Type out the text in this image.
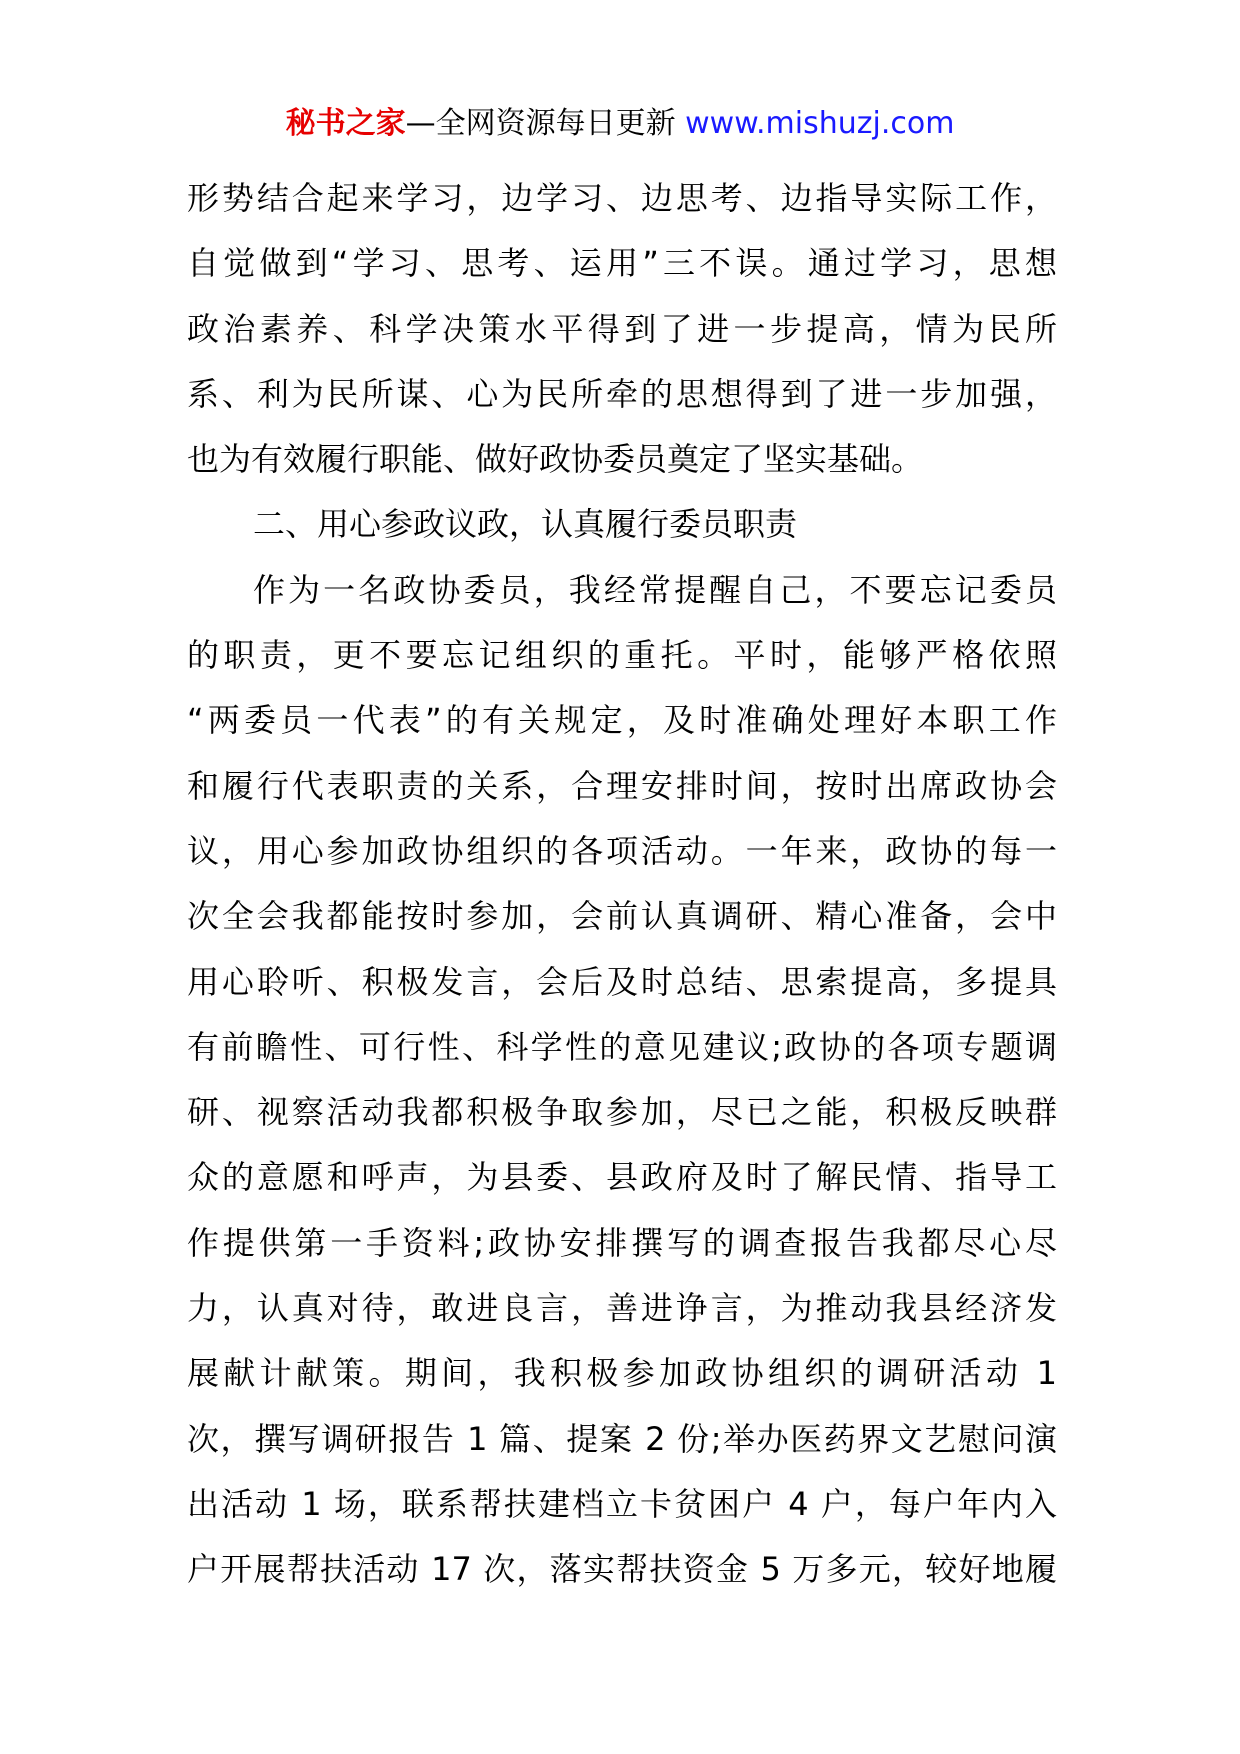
秘书之家—全网资源每日更新 www.mishuzj.com
形势结合起来学习，边学习、边思考、边指导实际工作，
自觉做到“学习、思考、运用”三不误。通过学习，思想
政治素养、科学决策水平得到了进一步提高，情为民所
系、利为民所谋、心为民所牵的思想得到了进一步加强，
也为有效履行职能、做好政协委员奠定了坚实基础。
二、用心参政议政，认真履行委员职责
作为一名政协委员，我经常提醒自己，不要忘记委员
的职责，更不要忘记组织的重托。平时，能够严格依照
“两委员一代表”的有关规定，及时准确处理好本职工作
和履行代表职责的关系，合理安排时间，按时出席政协会
议，用心参加政协组织的各项活动。一年来，政协的每一
次全会我都能按时参加，会前认真调研、精心准备，会中
用心聆听、积极发言，会后及时总结、思索提高，多提具
有前瞻性、可行性、科学性的意见建议;政协的各项专题调
研、视察活动我都积极争取参加，尽已之能，积极反映群
众的意愿和呼声，为县委、县政府及时了解民情、指导工
作提供第一手资料;政协安排撰写的调查报告我都尽心尽
力，认真对待，敢进良言，善进诤言，为推动我县经济发
展献计献策。期间，我积极参加政协组织的调研活动 1
次，撰写调研报告 1 篇、提案 2 份;举办医药界文艺慰问演
出活动 1 场，联系帮扶建档立卡贫困户 4 户，每户年内入
户开展帮扶活动 17 次，落实帮扶资金 5 万多元，较好地履
